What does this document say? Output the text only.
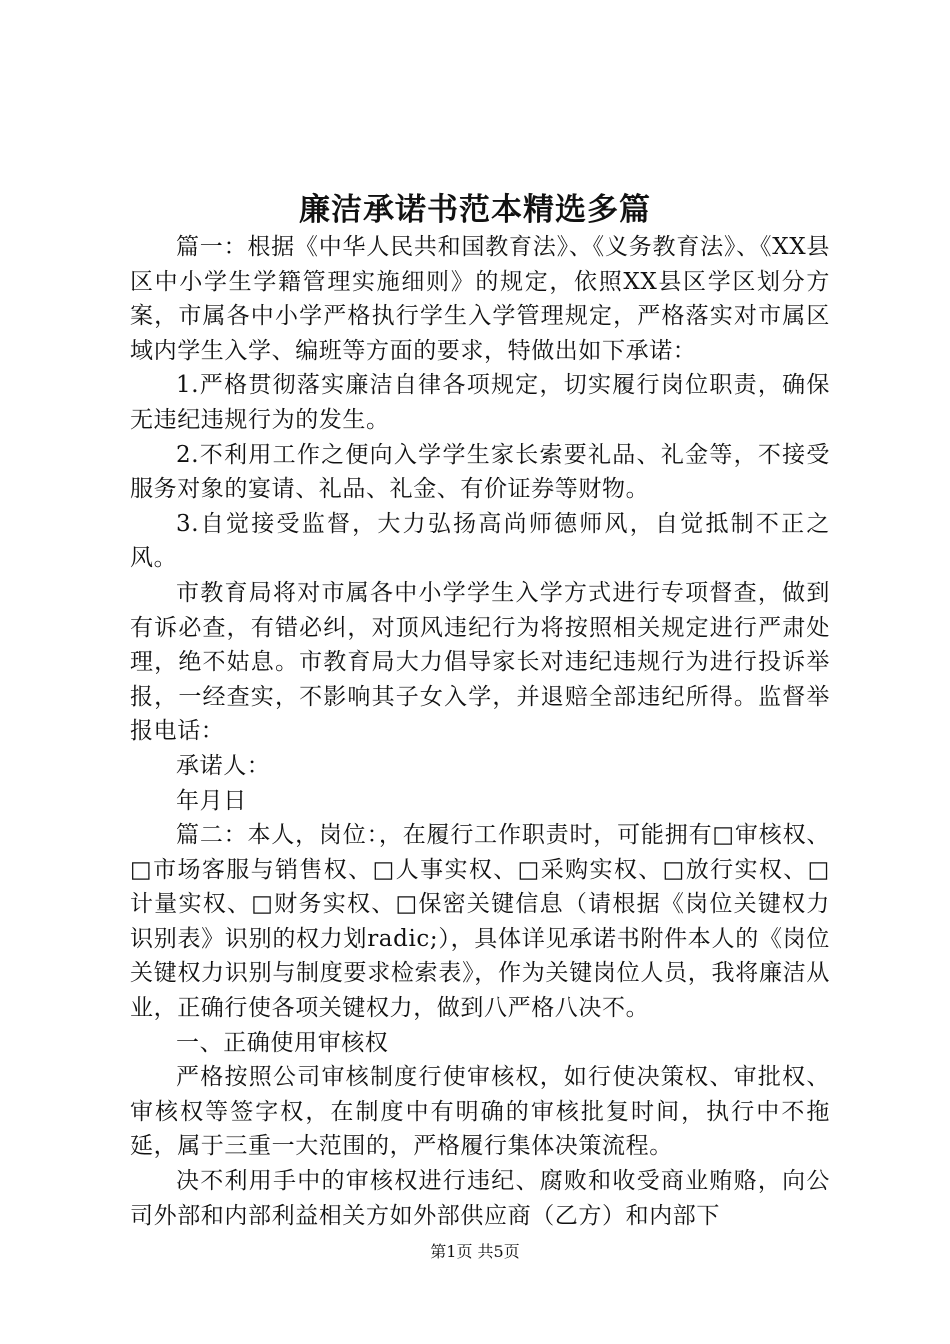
廉洁承诺书范本精选多篇

篇一：根据《中华人民共和国教育法》、《义务教育法》、《XX县区中小学生学籍管理实施细则》的规定，依照XX县区学区划分方案，市属各中小学严格执行学生入学管理规定，严格落实对市属区域内学生入学、编班等方面的要求，特做出如下承诺：

1.严格贯彻落实廉洁自律各项规定，切实履行岗位职责，确保无违纪违规行为的发生。

2.不利用工作之便向入学学生家长索要礼品、礼金等，不接受服务对象的宴请、礼品、礼金、有价证券等财物。

3.自觉接受监督，大力弘扬高尚师德师风，自觉抵制不正之风。

市教育局将对市属各中小学学生入学方式进行专项督查，做到有诉必查，有错必纠，对顶风违纪行为将按照相关规定进行严肃处理，绝不姑息。市教育局大力倡导家长对违纪违规行为进行投诉举报，一经查实，不影响其子女入学，并退赔全部违纪所得。监督举报电话：

承诺人：

年月日

篇二：本人，岗位：，在履行工作职责时，可能拥有□审核权、□市场客服与销售权、□人事实权、□采购实权、□放行实权、□计量实权、□财务实权、□保密关键信息（请根据《岗位关键权力识别表》识别的权力划radic;），具体详见承诺书附件本人的《岗位关键权力识别与制度要求检索表》，作为关键岗位人员，我将廉洁从业，正确行使各项关键权力，做到八严格八决不。

一、正确使用审核权

严格按照公司审核制度行使审核权，如行使决策权、审批权、审核权等签字权，在制度中有明确的审核批复时间，执行中不拖延，属于三重一大范围的，严格履行集体决策流程。

决不利用手中的审核权进行违纪、腐败和收受商业贿赂，向公司外部和内部利益相关方如外部供应商（乙方）和内部下

第1页 共5页
